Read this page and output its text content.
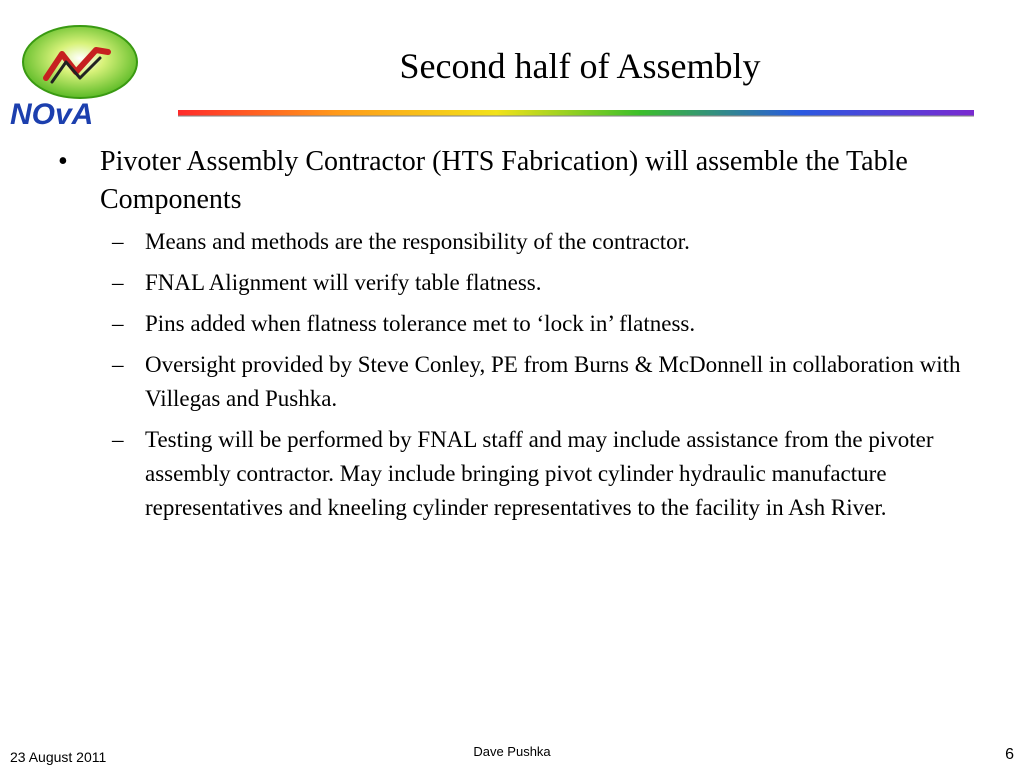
NOvA
Second half of Assembly
• Pivoter Assembly Contractor (HTS Fabrication) will assemble the Table Components
– Means and methods are the responsibility of the contractor.
– FNAL Alignment will verify table flatness.
– Pins added when flatness tolerance met to ‘lock in’ flatness.
– Oversight provided by Steve Conley, PE from Burns & McDonnell in collaboration with Villegas and Pushka.
– Testing will be performed by FNAL staff and may include assistance from the pivoter assembly contractor. May include bringing pivot cylinder hydraulic manufacture representatives and kneeling cylinder representatives to the facility in Ash River.
23 August 2011	Dave Pushka	6
